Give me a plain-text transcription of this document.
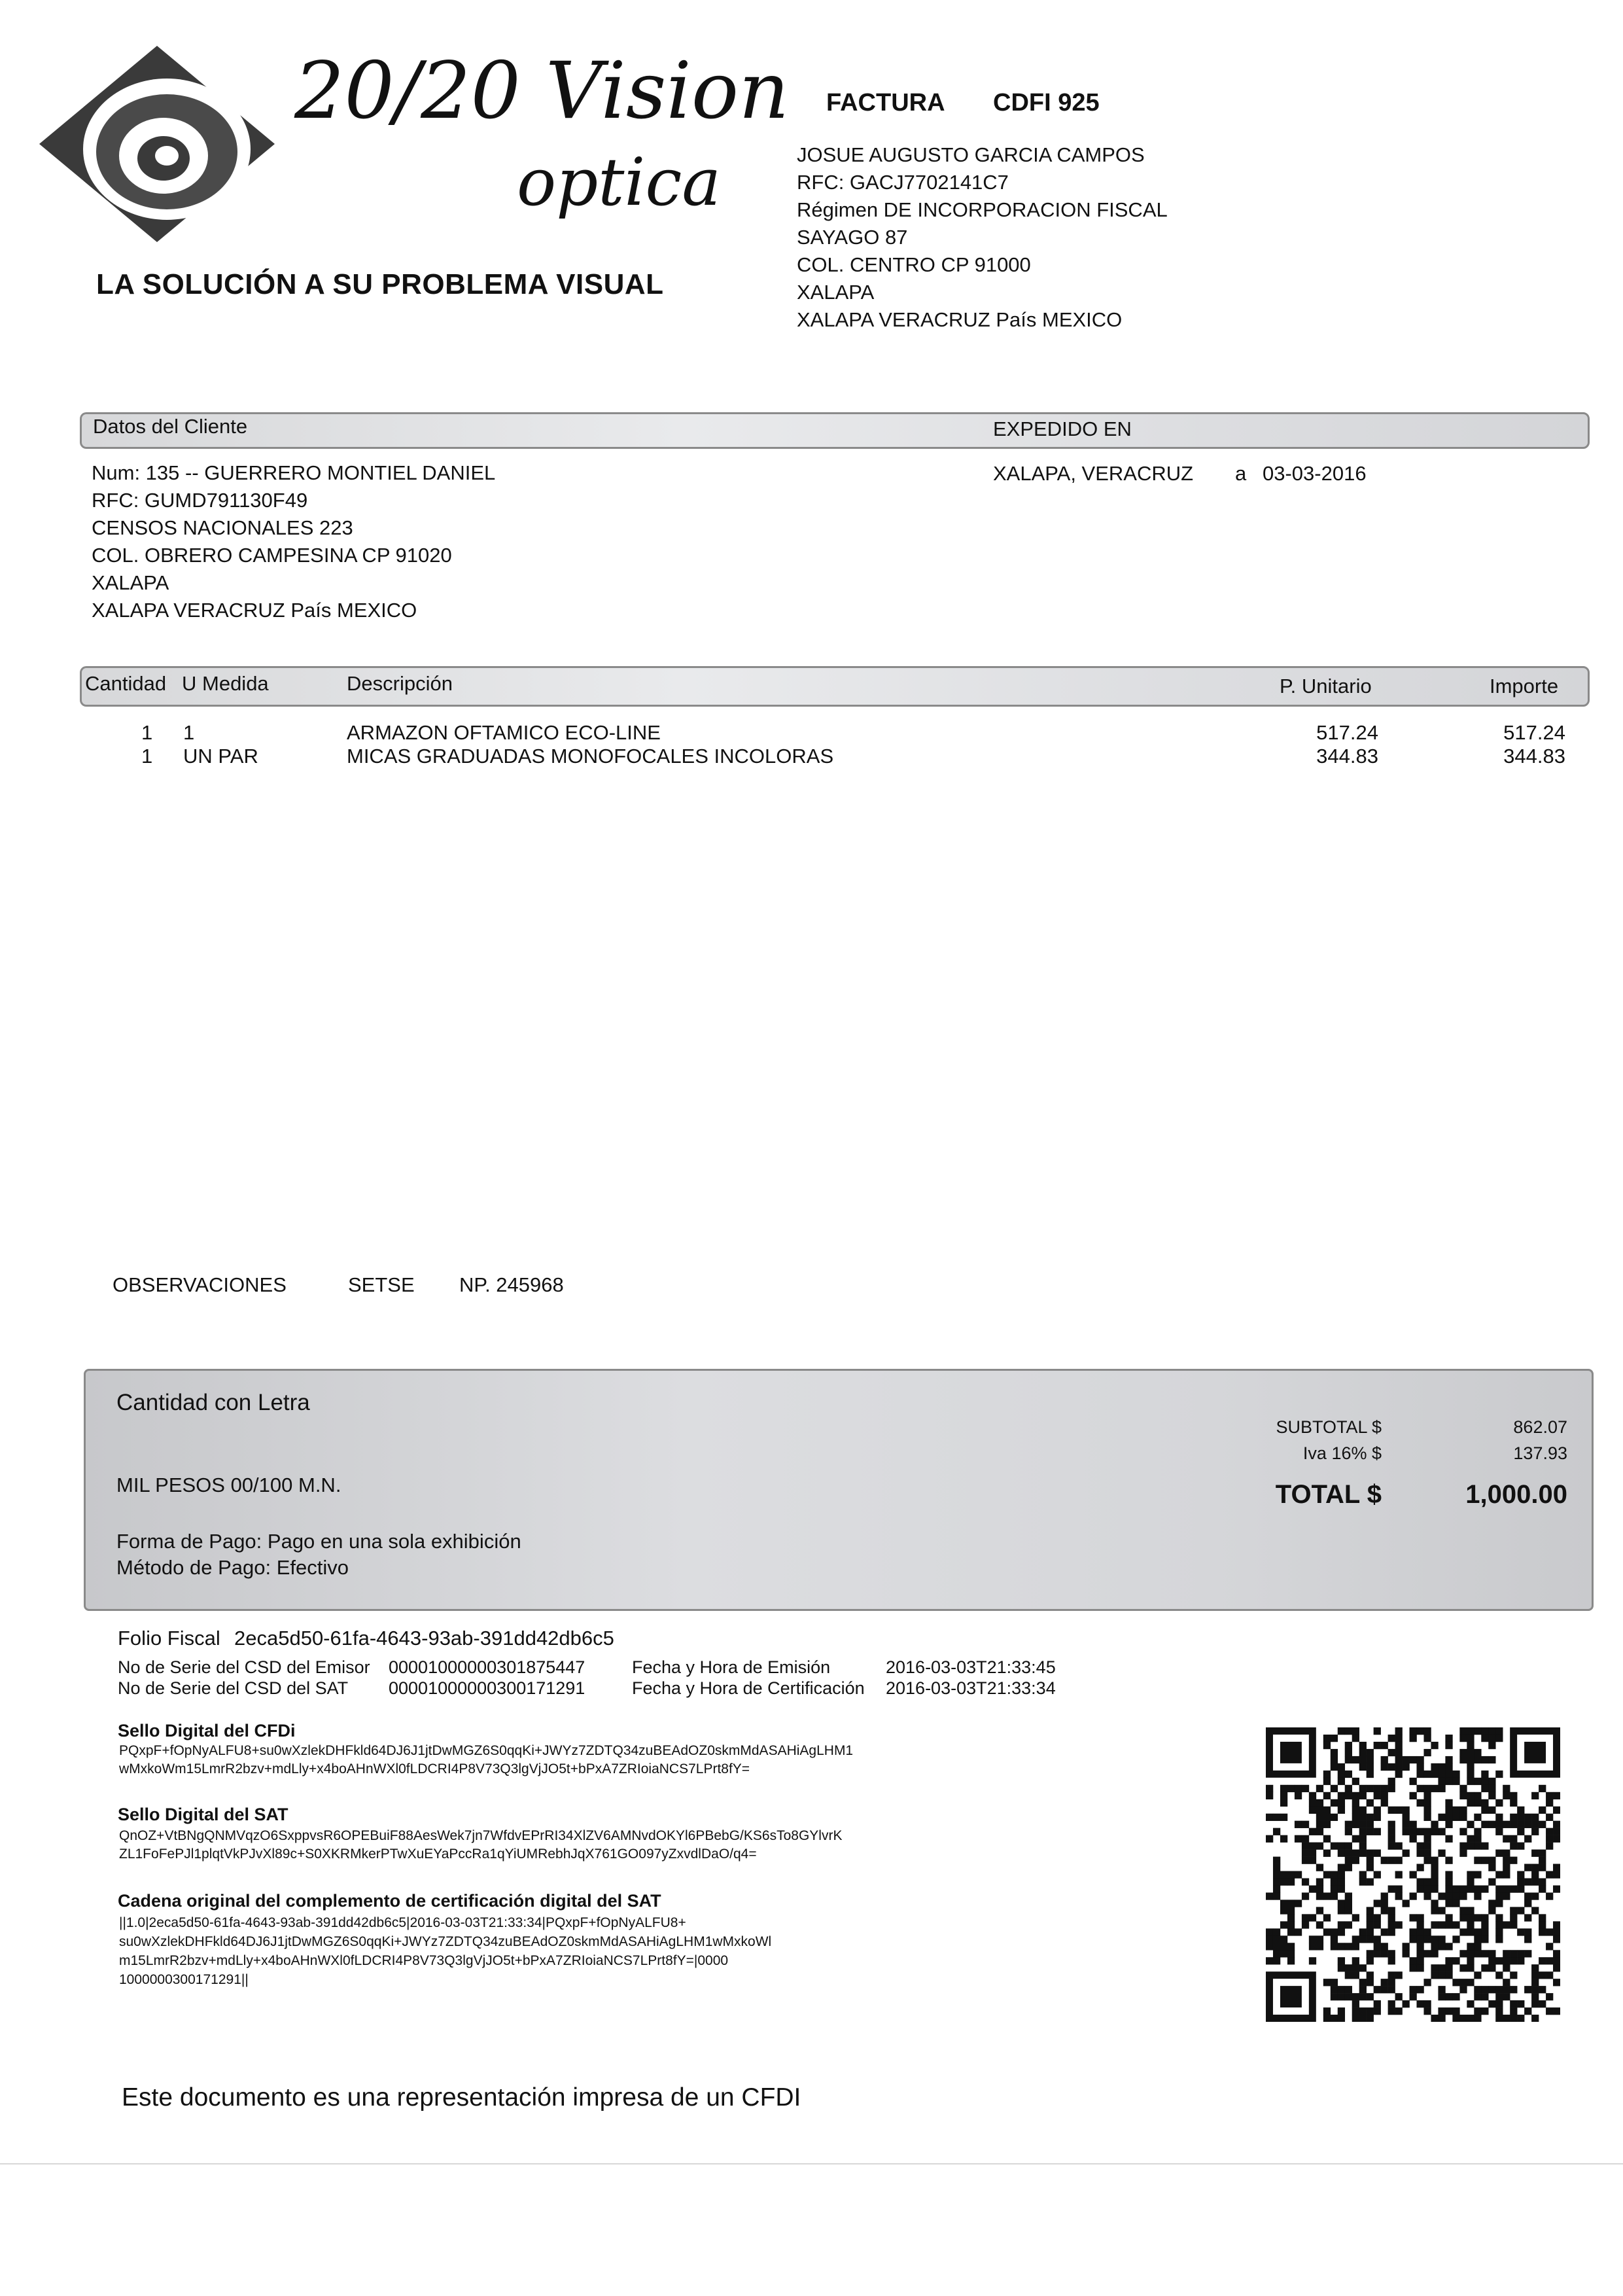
20/20 Vision
optica
LA SOLUCIÓN A SU PROBLEMA VISUAL
FACTURA CDFI 925
JOSUE AUGUSTO GARCIA CAMPOS
RFC: GACJ7702141C7
Régimen DE INCORPORACION FISCAL
SAYAGO 87
COL. CENTRO CP 91000
XALAPA
XALAPA VERACRUZ País MEXICO
Datos del Cliente	EXPEDIDO EN
Num: 135 -- GUERRERO MONTIEL DANIEL
RFC: GUMD791130F49
CENSOS NACIONALES 223
COL. OBRERO CAMPESINA CP 91020
XALAPA
XALAPA VERACRUZ País MEXICO
XALAPA, VERACRUZ a 03-03-2016
Cantidad U Medida	Descripción	P. Unitario	Importe
1 1	ARMAZON OFTAMICO ECO-LINE	517.24	517.24
1 UN PAR	MICAS GRADUADAS MONOFOCALES INCOLORAS	344.83	344.83
OBSERVACIONES	SETSE NP. 245968
Cantidad con Letra
MIL PESOS 00/100 M.N.
Forma de Pago: Pago en una sola exhibición
Método de Pago: Efectivo
SUBTOTAL $	862.07
Iva 16% $	137.93
TOTAL $	1,000.00
Folio Fiscal 2eca5d50-61fa-4643-93ab-391dd42db6c5
No de Serie del CSD del Emisor 00001000000301875447	Fecha y Hora de Emisión	2016-03-03T21:33:45
No de Serie del CSD del SAT 00001000000300171291	Fecha y Hora de Certificación 2016-03-03T21:33:34
Sello Digital del CFDi
PQxpF+fOpNyALFU8+su0wXzlekDHFkld64DJ6J1jtDwMGZ6S0qqKi+JWYz7ZDTQ34zuBEAdOZ0skmMdASAHiAgLHM1
wMxkoWm15LmrR2bzv+mdLly+x4boAHnWXl0fLDCRI4P8V73Q3lgVjJO5t+bPxA7ZRIoiaNCS7LPrt8fY=
Sello Digital del SAT
QnOZ+VtBNgQNMVqzO6SxppvsR6OPEBuiF88AesWek7jn7WfdvEPrRI34XlZV6AMNvdOKYl6PBebG/KS6sTo8GYlvrK
ZL1FoFePJl1plqtVkPJvXl89c+S0XKRMkerPTwXuEYaPccRa1qYiUMRebhJqX761GO097yZxvdlDaO/q4=
Cadena original del complemento de certificación digital del SAT
||1.0|2eca5d50-61fa-4643-93ab-391dd42db6c5|2016-03-03T21:33:34|PQxpF+fOpNyALFU8+
su0wXzlekDHFkld64DJ6J1jtDwMGZ6S0qqKi+JWYz7ZDTQ34zuBEAdOZ0skmMdASAHiAgLHM1wMxkoWl
m15LmrR2bzv+mdLly+x4boAHnWXl0fLDCRI4P8V73Q3lgVjJO5t+bPxA7ZRIoiaNCS7LPrt8fY=|0000
1000000300171291||
Este documento es una representación impresa de un CFDI
